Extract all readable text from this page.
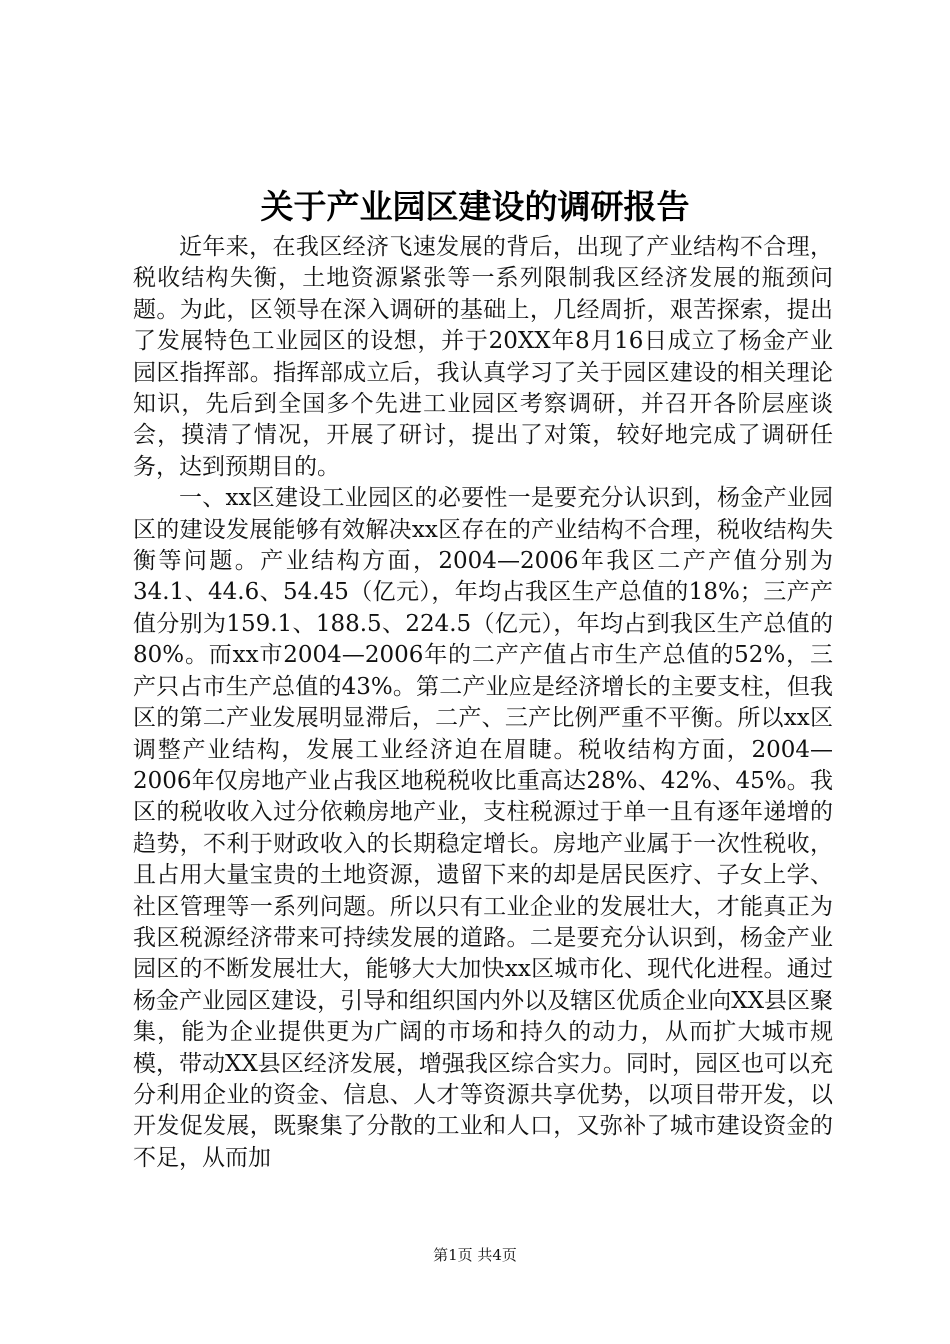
关于产业园区建设的调研报告

近年来，在我区经济飞速发展的背后，出现了产业结构不合理，税收结构失衡，土地资源紧张等一系列限制我区经济发展的瓶颈问题。为此，区领导在深入调研的基础上，几经周折，艰苦探索，提出了发展特色工业园区的设想，并于20XX年8月16日成立了杨金产业园区指挥部。指挥部成立后，我认真学习了关于园区建设的相关理论知识，先后到全国多个先进工业园区考察调研，并召开各阶层座谈会，摸清了情况，开展了研讨，提出了对策，较好地完成了调研任务，达到预期目的。

一、xx区建设工业园区的必要性一是要充分认识到，杨金产业园区的建设发展能够有效解决xx区存在的产业结构不合理，税收结构失衡等问题。产业结构方面，2004—2006年我区二产产值分别为34.1、44.6、54.45（亿元），年均占我区生产总值的18%；三产产值分别为159.1、188.5、224.5（亿元），年均占到我区生产总值的80%。而xx市2004—2006年的二产产值占市生产总值的52%，三产只占市生产总值的43%。第二产业应是经济增长的主要支柱，但我区的第二产业发展明显滞后，二产、三产比例严重不平衡。所以xx区调整产业结构，发展工业经济迫在眉睫。税收结构方面，2004—2006年仅房地产业占我区地税税收比重高达28%、42%、45%。我区的税收收入过分依赖房地产业，支柱税源过于单一且有逐年递增的趋势，不利于财政收入的长期稳定增长。房地产业属于一次性税收，且占用大量宝贵的土地资源，遗留下来的却是居民医疗、子女上学、社区管理等一系列问题。所以只有工业企业的发展壮大，才能真正为我区税源经济带来可持续发展的道路。二是要充分认识到，杨金产业园区的不断发展壮大，能够大大加快xx区城市化、现代化进程。通过杨金产业园区建设，引导和组织国内外以及辖区优质企业向XX县区聚集，能为企业提供更为广阔的市场和持久的动力，从而扩大城市规模，带动XX县区经济发展，增强我区综合实力。同时，园区也可以充分利用企业的资金、信息、人才等资源共享优势，以项目带开发，以开发促发展，既聚集了分散的工业和人口，又弥补了城市建设资金的不足，从而加

第1页 共4页
